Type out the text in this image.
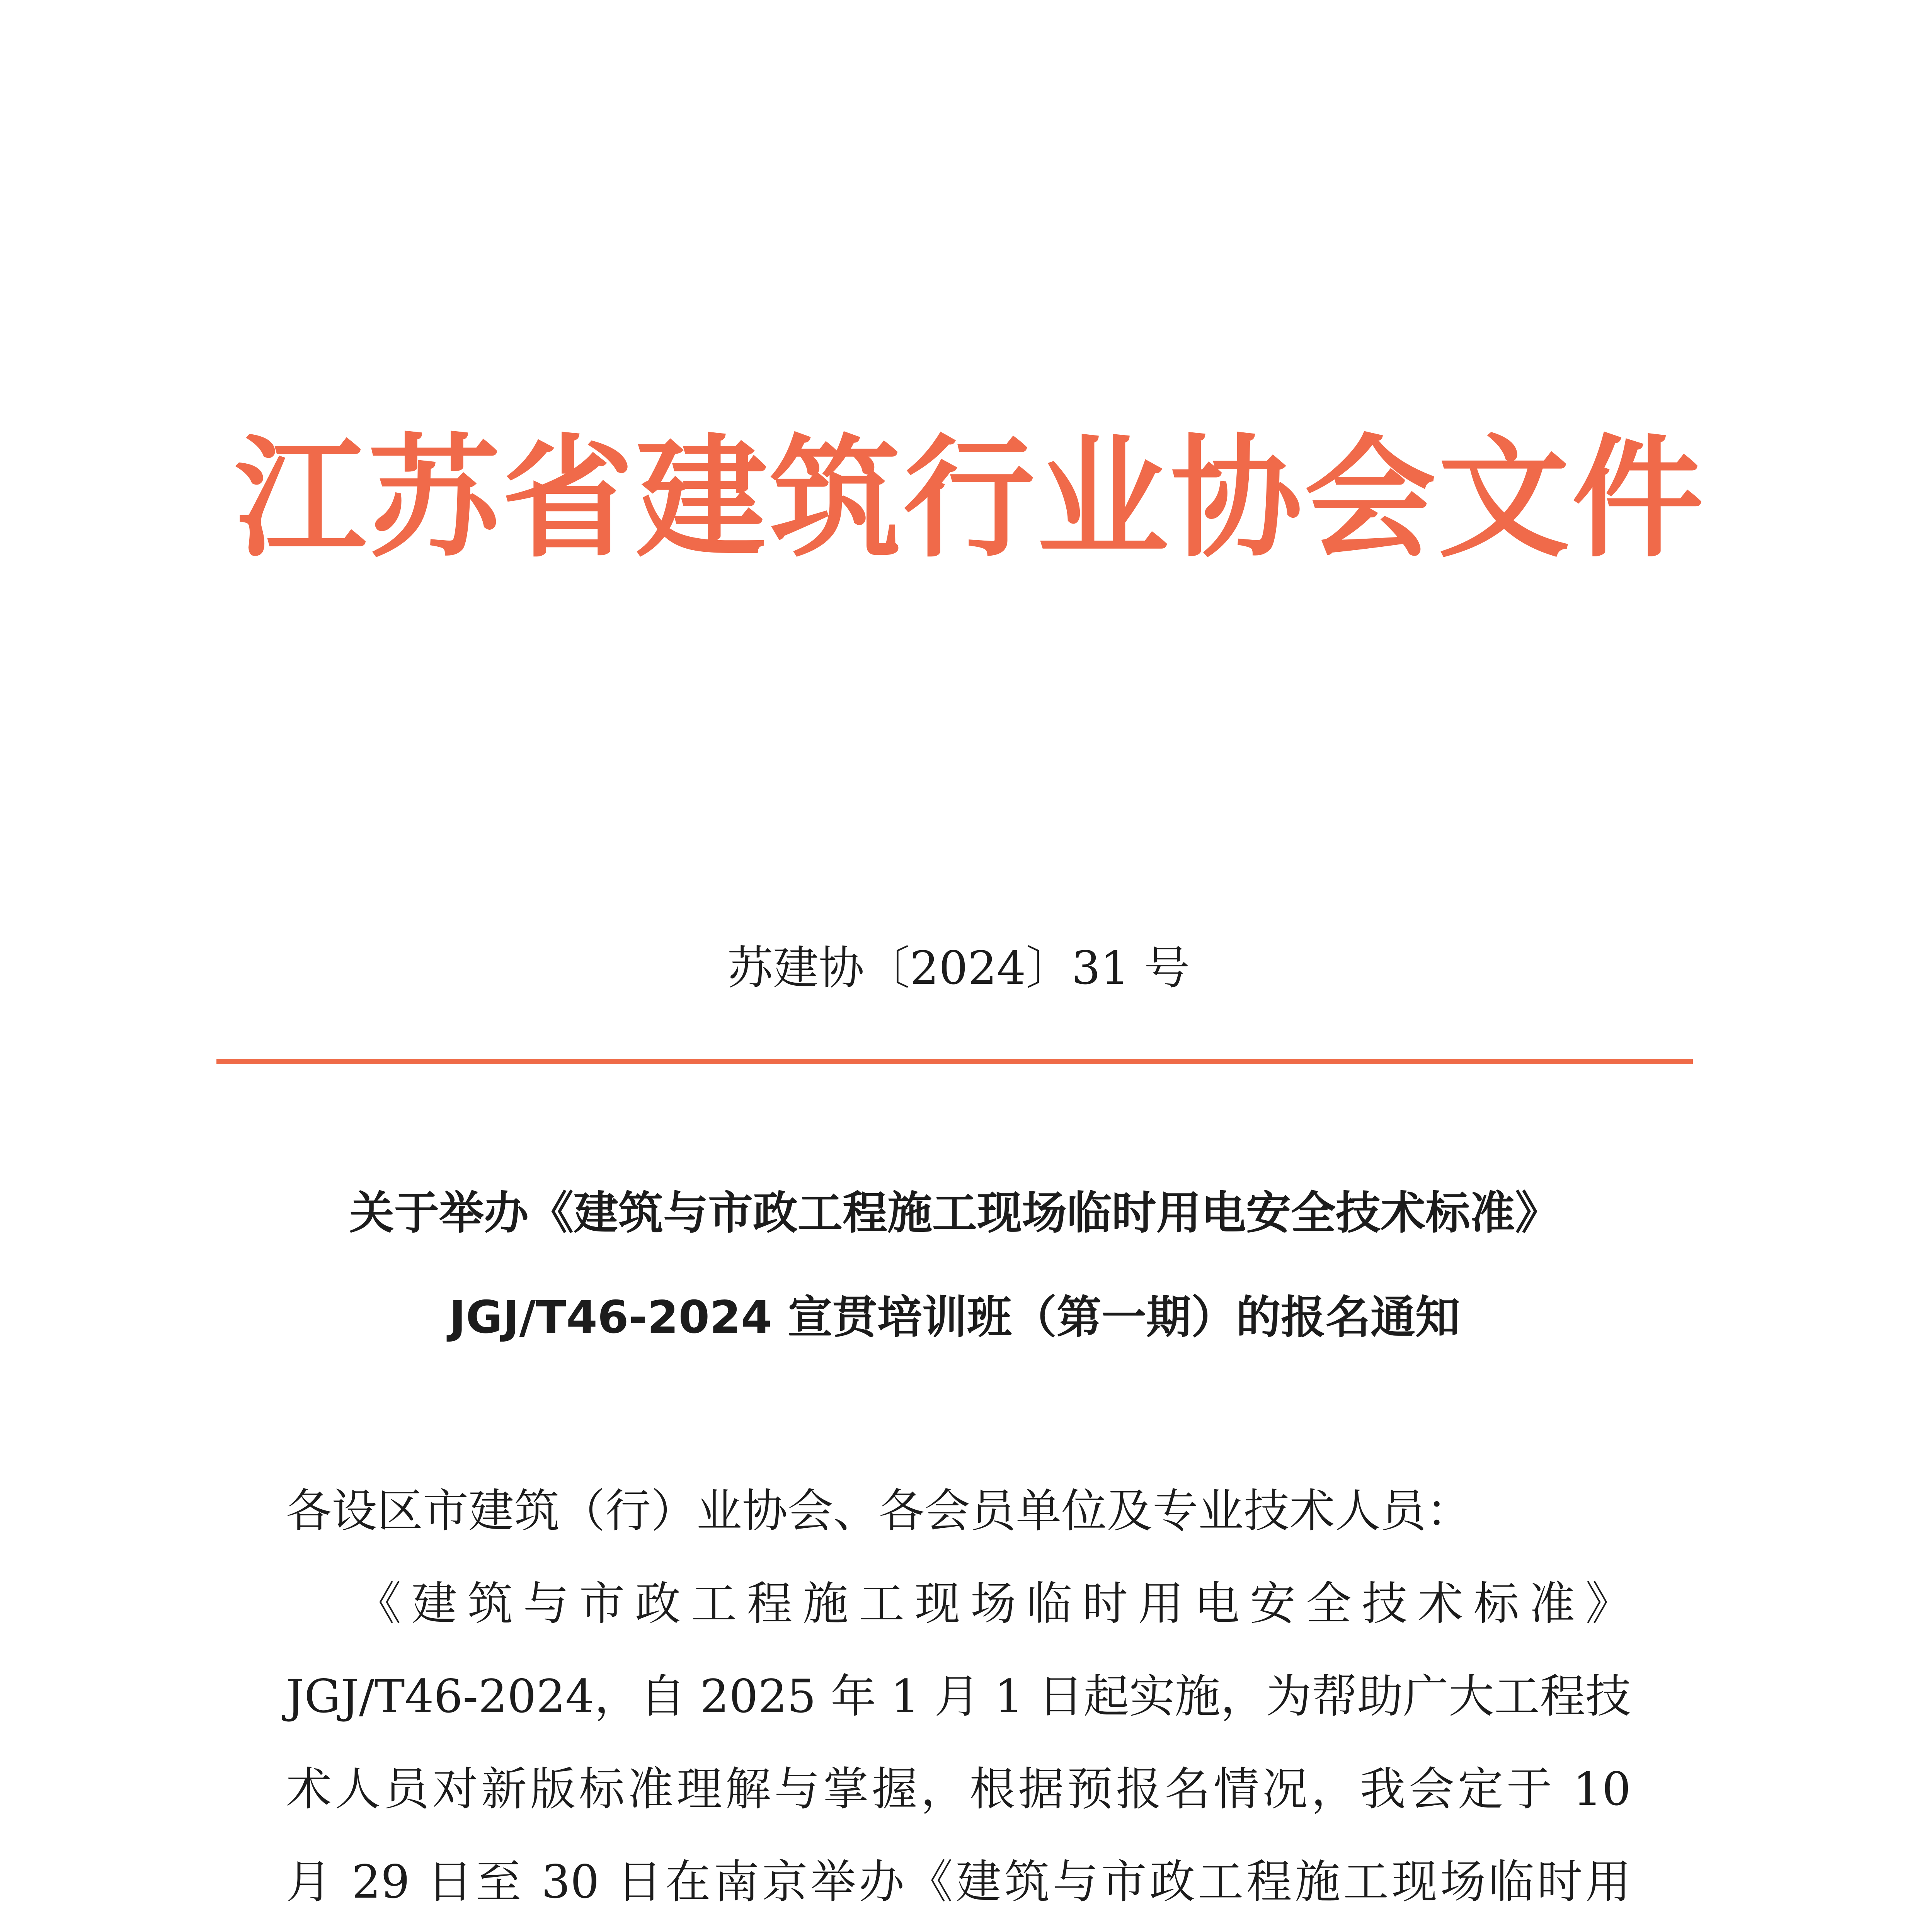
江苏省建筑行业协会文件
苏建协〔2024〕31 号
关于举办《建筑与市政工程施工现场临时用电安全技术标准》
JGJ/T46-2024 宣贯培训班（第一期）的报名通知
各设区市建筑（行）业协会、各会员单位及专业技术人员：
《建筑与市政工程施工现场临时用电安全技术标准》
JGJ/T46-2024，自 2025 年 1 月 1 日起实施，为帮助广大工程技
术人员对新版标准理解与掌握，根据预报名情况，我会定于 10
月 29 日至 30 日在南京举办《建筑与市政工程施工现场临时用
